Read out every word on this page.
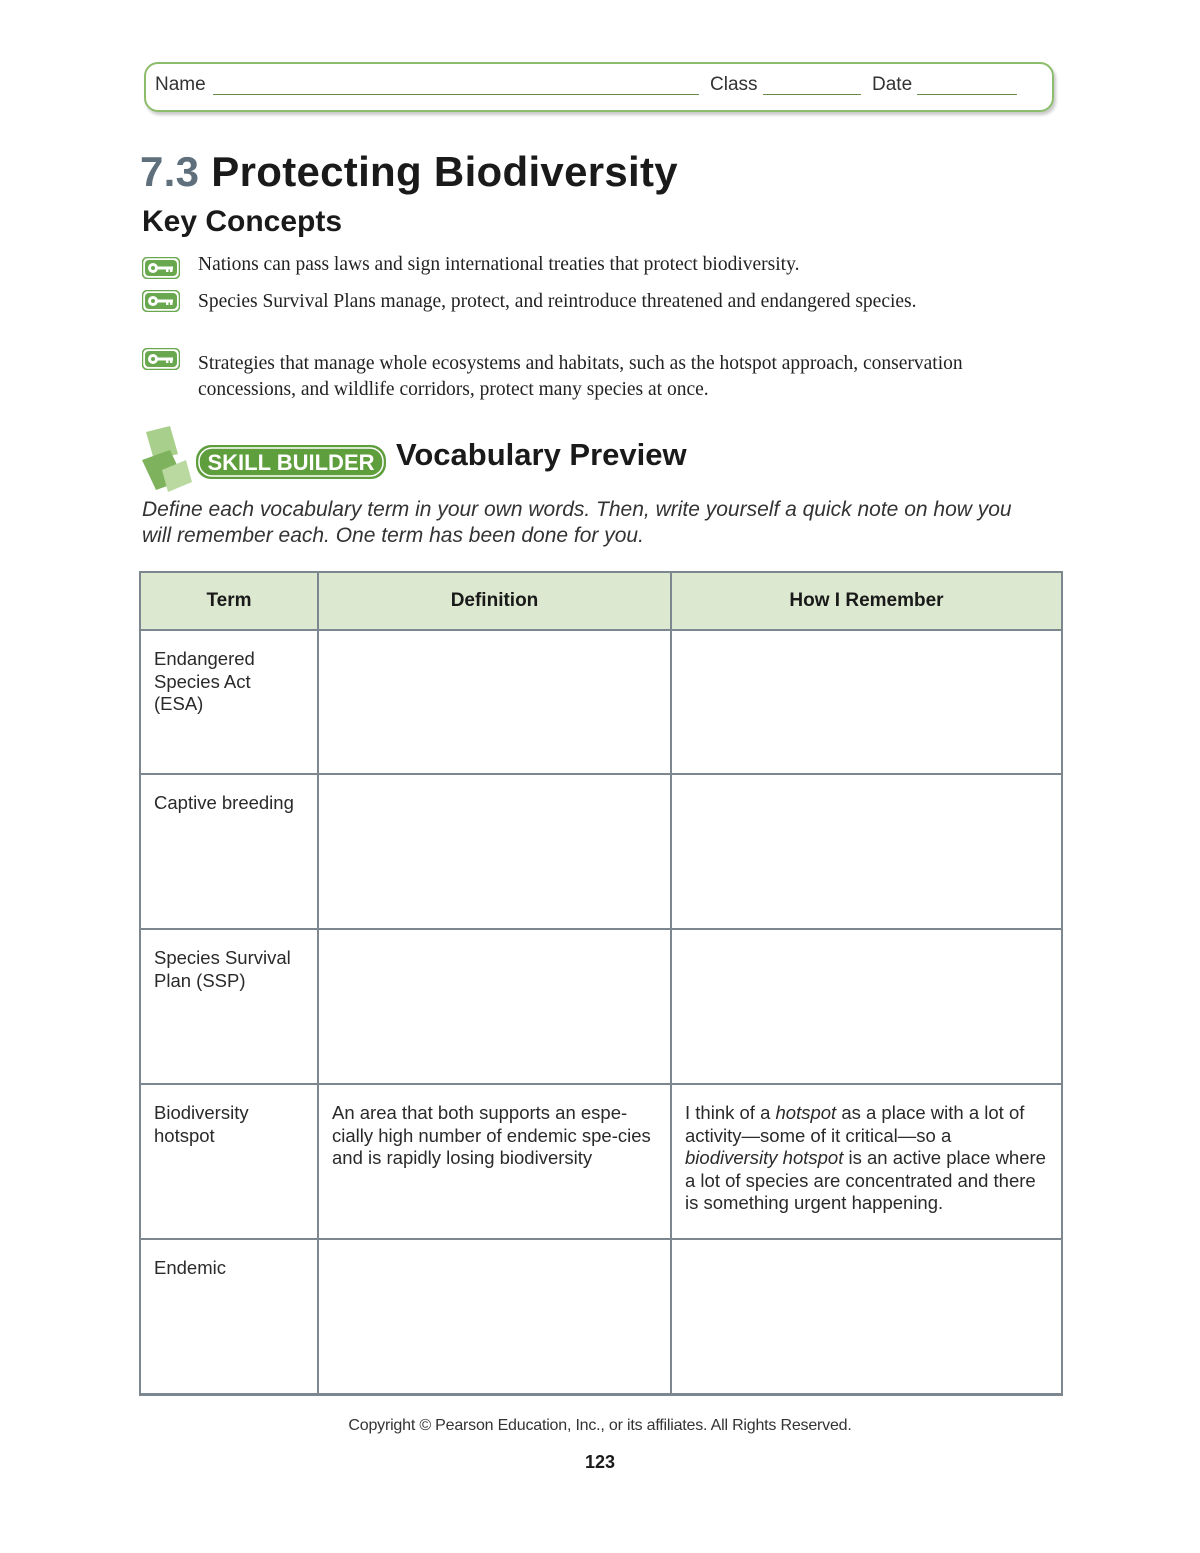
Name	Class	Date
7.3 Protecting Biodiversity
Key Concepts
Nations can pass laws and sign international treaties that protect biodiversity.
Species Survival Plans manage, protect, and reintroduce threatened and endangered species.
Strategies that manage whole ecosystems and habitats, such as the hotspot approach, conservation concessions, and wildlife corridors, protect many species at once.
SKILL BUILDER Vocabulary Preview
Define each vocabulary term in your own words. Then, write yourself a quick note on how you will remember each. One term has been done for you.
Term	Definition	How I Remember
Endangered Species Act (ESA)		
Captive breeding		
Species Survival Plan (SSP)		
Biodiversity hotspot	An area that both supports an espe-cially high number of endemic spe-cies and is rapidly losing biodiversity	I think of a hotspot as a place with a lot of activity—some of it critical—so a biodiversity hotspot is an active place where a lot of species are concentrated and there is something urgent happening.
Endemic		
Copyright © Pearson Education, Inc., or its affiliates. All Rights Reserved.
123
